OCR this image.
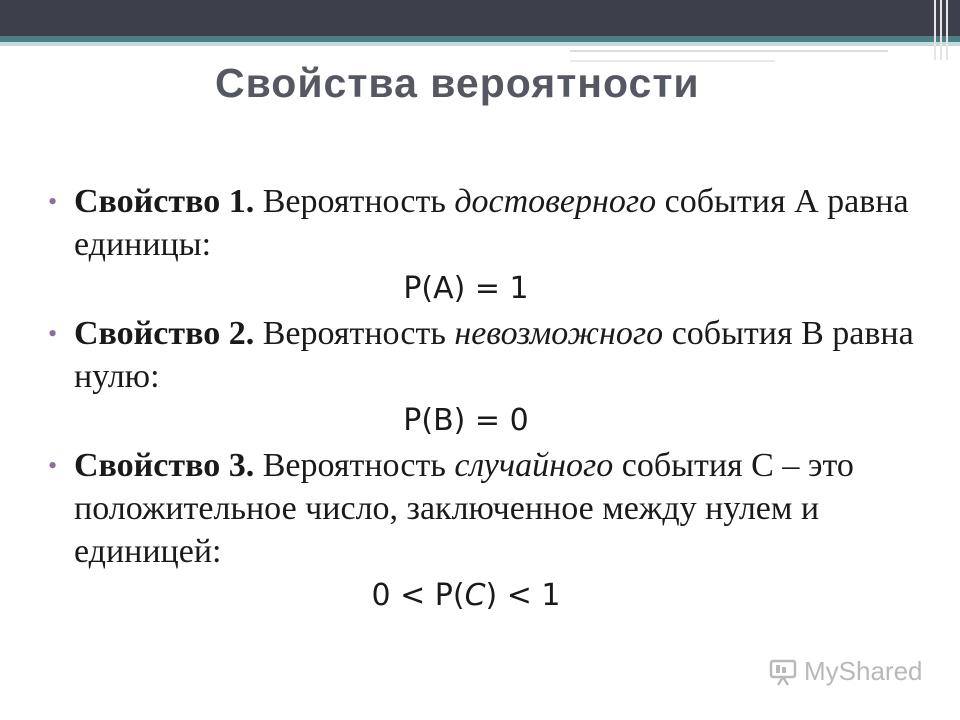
Свойства вероятности
• Свойство 1. Вероятность достоверного события А равна единицы:
P(A) = 1
• Свойство 2. Вероятность невозможного события В равна нулю:
P(B) = 0
• Свойство 3. Вероятность случайного события С – это положительное число, заключенное между нулем и единицей:
0 < P(C) < 1
MyShared
